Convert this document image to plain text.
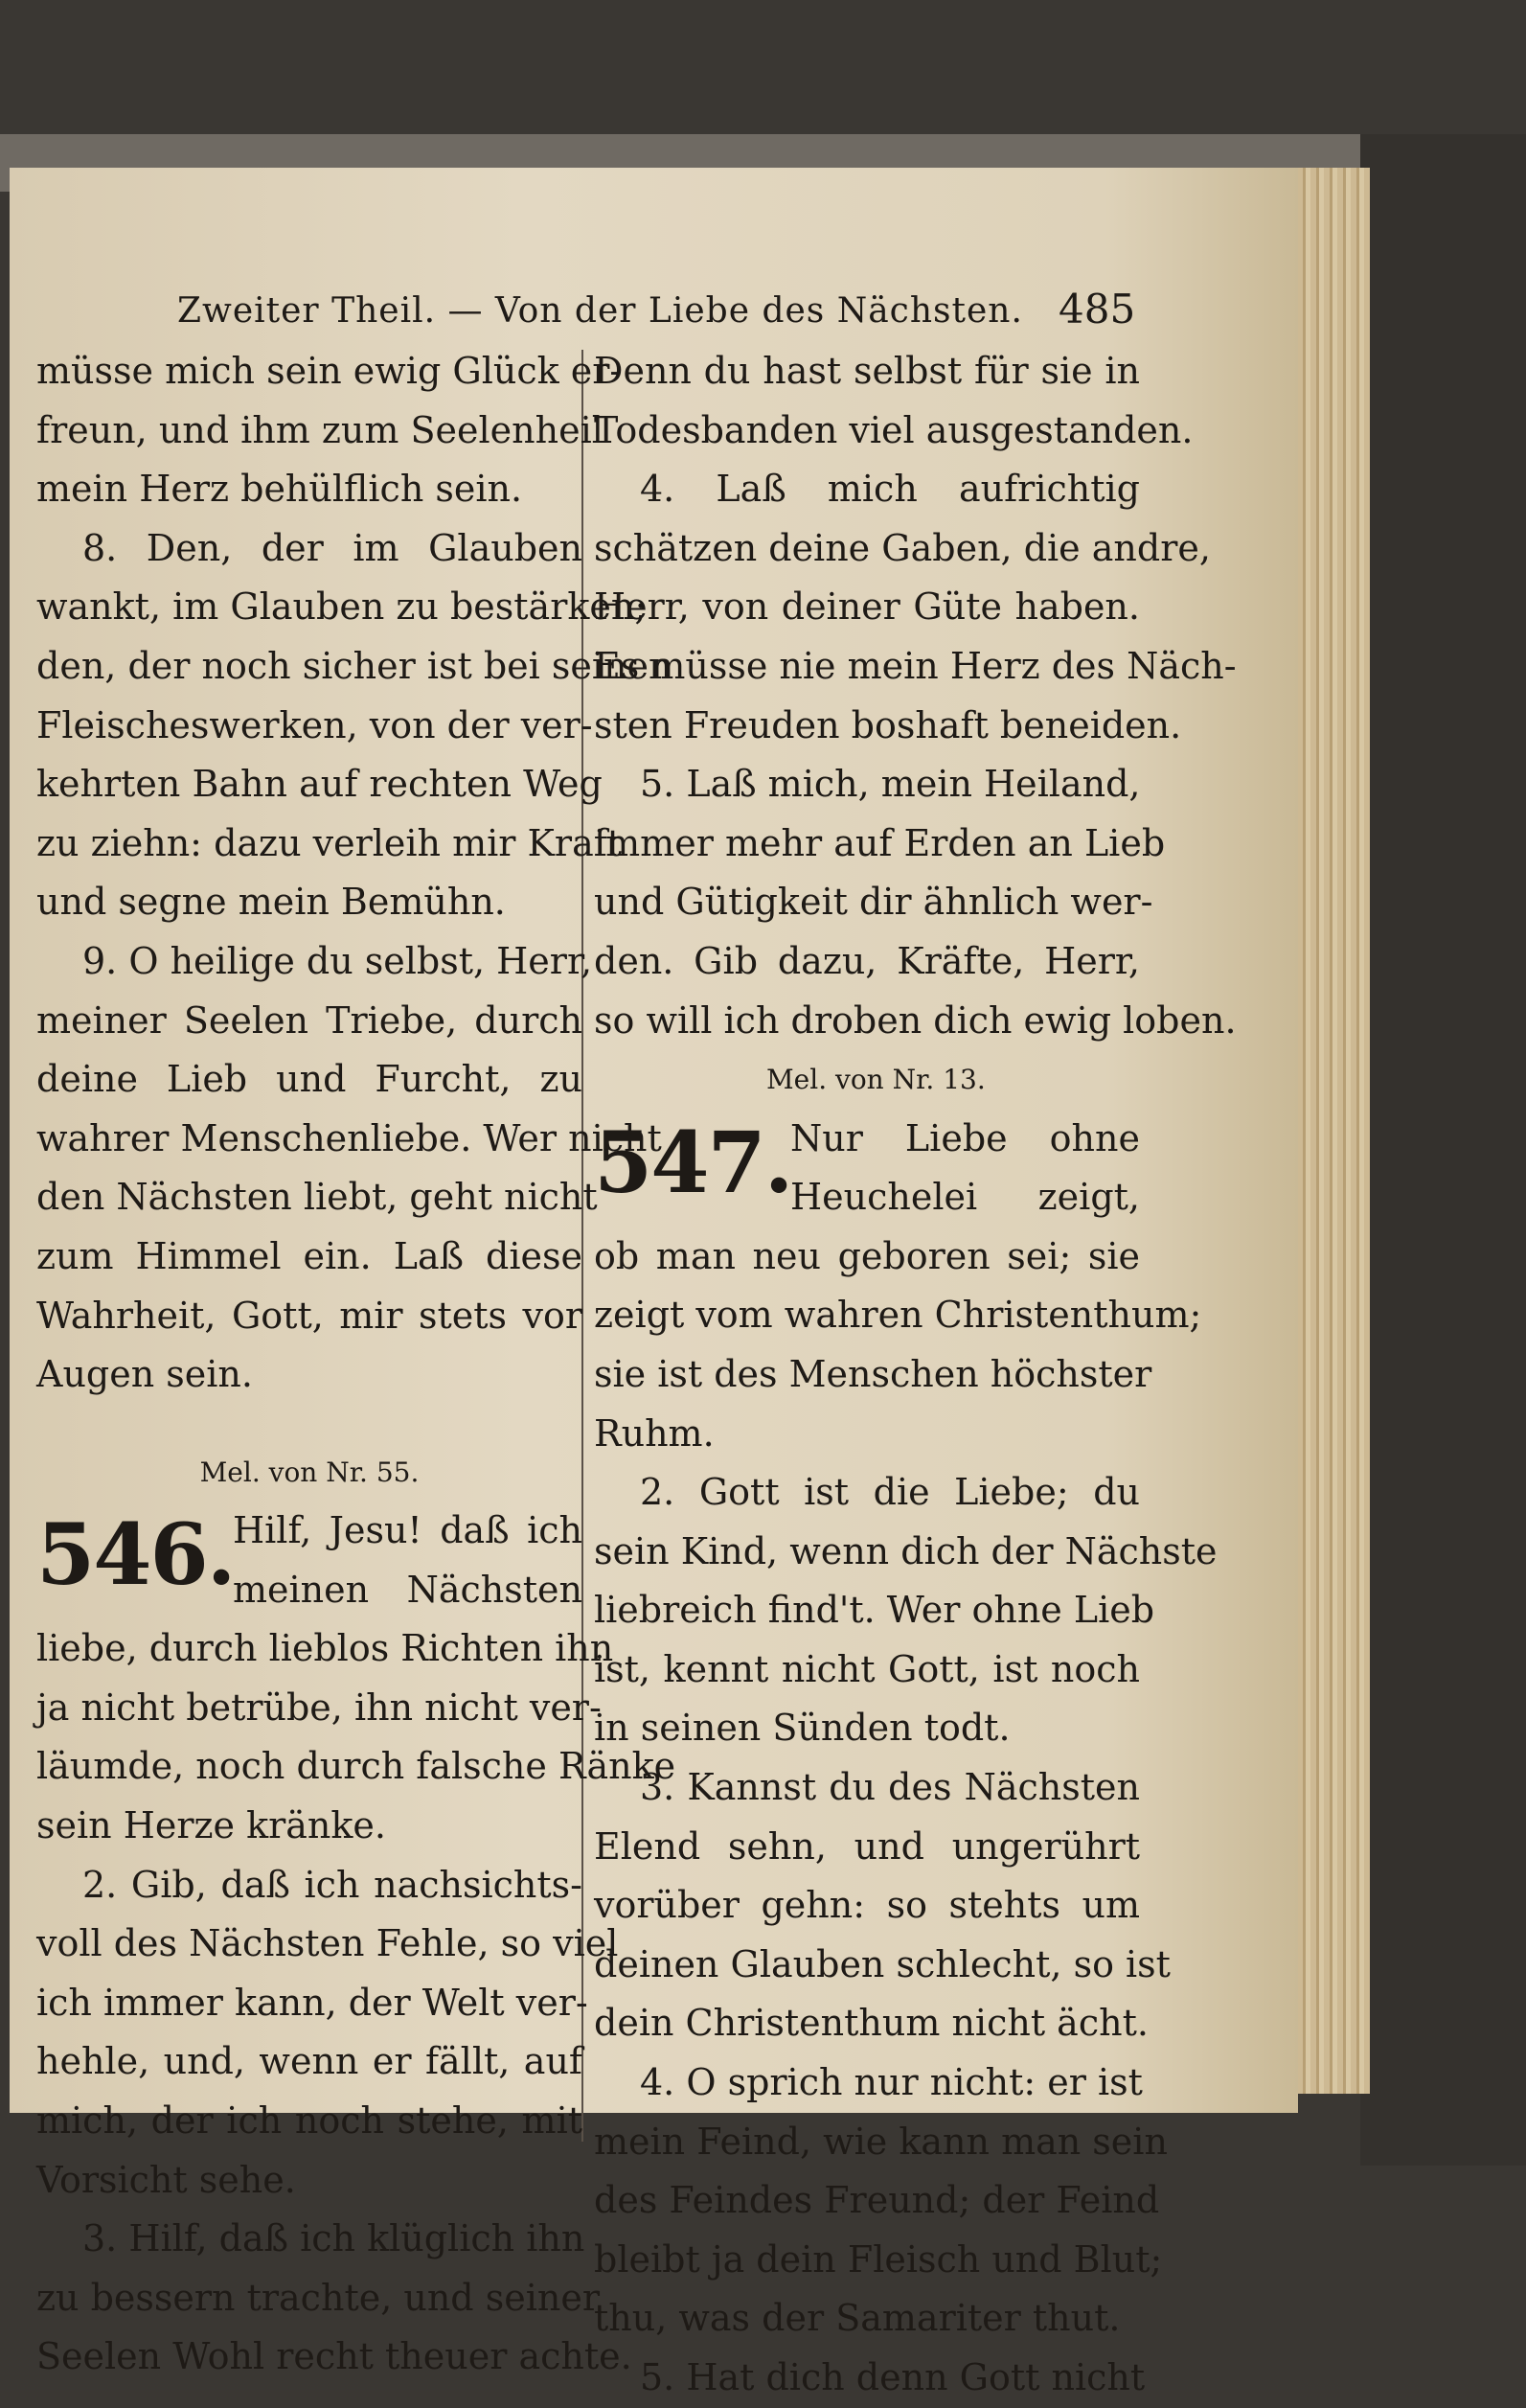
Zweiter Theil. — Von der Liebe des Nächsten. 485
müsse mich sein ewig Glück er-
freun, und ihm zum Seelenheil
mein Herz behülflich sein.
8. Den, der im Glauben
wankt, im Glauben zu bestärken;
den, der noch sicher ist bei seinen
Fleischeswerken, von der ver-
kehrten Bahn auf rechten Weg
zu ziehn: dazu verleih mir Kraft
und segne mein Bemühn.
9. O heilige du selbst, Herr,
meiner Seelen Triebe, durch
deine Lieb und Furcht, zu
wahrer Menschenliebe. Wer nicht
den Nächsten liebt, geht nicht
zum Himmel ein. Laß diese
Wahrheit, Gott, mir stets vor
Augen sein.
Mel. von Nr. 55.
546.
Hilf, Jesu! daß ich
meinen Nächsten
liebe, durch lieblos Richten ihn
ja nicht betrübe, ihn nicht ver-
läumde, noch durch falsche Ränke
sein Herze kränke.
2. Gib, daß ich nachsichts-
voll des Nächsten Fehle, so viel
ich immer kann, der Welt ver-
hehle, und, wenn er fällt, auf
mich, der ich noch stehe, mit
Vorsicht sehe.
3. Hilf, daß ich klüglich ihn
zu bessern trachte, und seiner
Seelen Wohl recht theuer achte.
Denn du hast selbst für sie in
Todesbanden viel ausgestanden.
4. Laß mich aufrichtig
schätzen deine Gaben, die andre,
Herr, von deiner Güte haben.
Es müsse nie mein Herz des Näch-
sten Freuden boshaft beneiden.
5. Laß mich, mein Heiland,
immer mehr auf Erden an Lieb
und Gütigkeit dir ähnlich wer-
den. Gib dazu, Kräfte, Herr,
so will ich droben dich ewig loben.
Mel. von Nr. 13.
547.
Nur Liebe ohne
Heuchelei zeigt,
ob man neu geboren sei; sie
zeigt vom wahren Christenthum;
sie ist des Menschen höchster
Ruhm.
2. Gott ist die Liebe; du
sein Kind, wenn dich der Nächste
liebreich find't. Wer ohne Lieb
ist, kennt nicht Gott, ist noch
in seinen Sünden todt.
3. Kannst du des Nächsten
Elend sehn, und ungerührt
vorüber gehn: so stehts um
deinen Glauben schlecht, so ist
dein Christenthum nicht ächt.
4. O sprich nur nicht: er ist
mein Feind, wie kann man sein
des Feindes Freund; der Feind
bleibt ja dein Fleisch und Blut;
thu, was der Samariter thut.
5. Hat dich denn Gott nicht
